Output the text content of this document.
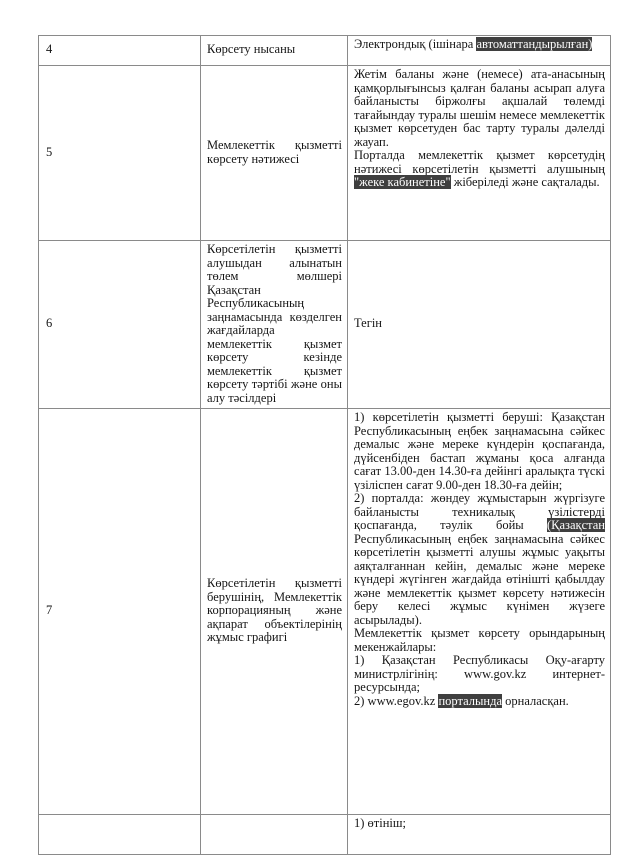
4	Көрсету нысаны	Электрондық (ішінара автоматтандырылған)

5	Мемлекеттік қызметті көрсету нәтижесі	Жетім баланы және (немесе) ата-анасының қамқорлығынсыз қалған баланы асырап алуға байланысты біржолғы ақшалай төлемді тағайындау туралы шешім немесе мемлекеттік қызмет көрсетуден бас тарту туралы дәлелді жауап.

Порталда мемлекеттік қызмет көрсетудің нәтижесі көрсетілетін қызметті алушының "жеке кабинетіне" жіберіледі және сақталады.

6	Көрсетілетін қызметті алушыдан алынатын төлем мөлшері Қазақстан Республикасының заңнамасында көзделген жағдайларда мемлекеттік қызмет көрсету кезінде мемлекеттік қызмет көрсету тәртібі және оны алу тәсілдері	Тегін

7	Көрсетілетін қызметті берушінің, Мемлекеттік корпорацияның және ақпарат объектілерінің жұмыс графигі	1) көрсетілетін қызметті беруші: Қазақстан Республикасының еңбек заңнамасына сәйкес демалыс және мереке күндерін қоспағанда, дүйсенбіден бастап жұманы қоса алғанда сағат 13.00-ден 14.30-ға дейінгі аралықта түскі үзіліспен сағат 9.00-ден 18.30-ға дейін;

2) порталда: жөндеу жұмыстарын жүргізуге байланысты техникалық үзілістерді қоспағанда, тәулік бойы (Қазақстан Республикасының еңбек заңнамасына сәйкес көрсетілетін қызметті алушы жұмыс уақыты аяқталғаннан кейін, демалыс және мереке күндері жүгінген жағдайда өтінішті қабылдау және мемлекеттік қызмет көрсету нәтижесін беру келесі жұмыс күнімен жүзеге асырылады).

Мемлекеттік қызмет көрсету орындарының мекенжайлары:

1) Қазақстан Республикасы Оқу-ағарту министрлігінің: www.gov.kz интернет-ресурсында;

2) www.egov.kz порталында орналасқан.

		1) өтініш;
